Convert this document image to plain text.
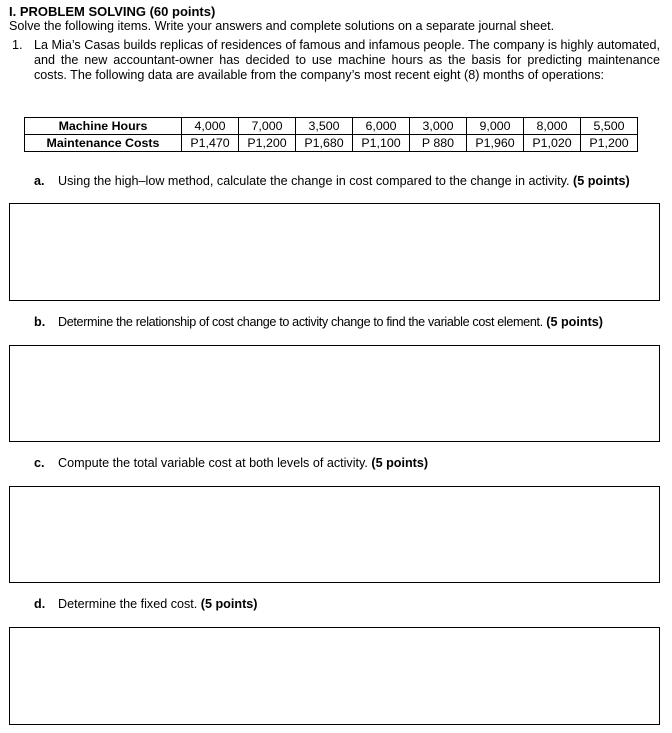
I. PROBLEM SOLVING (60 points)
Solve the following items. Write your answers and complete solutions on a separate journal sheet.
1. La Mia’s Casas builds replicas of residences of famous and infamous people. The company is highly automated, and the new accountant-owner has decided to use machine hours as the basis for predicting maintenance costs. The following data are available from the company’s most recent eight (8) months of operations:
Machine Hours	4,000	7,000	3,500	6,000	3,000	9,000	8,000	5,500
Maintenance Costs	P1,470	P1,200	P1,680	P1,100	P 880	P1,960	P1,020	P1,200
a. Using the high–low method, calculate the change in cost compared to the change in activity. (5 points)
b. Determine the relationship of cost change to activity change to find the variable cost element. (5 points)
c. Compute the total variable cost at both levels of activity. (5 points)
d. Determine the fixed cost. (5 points)
